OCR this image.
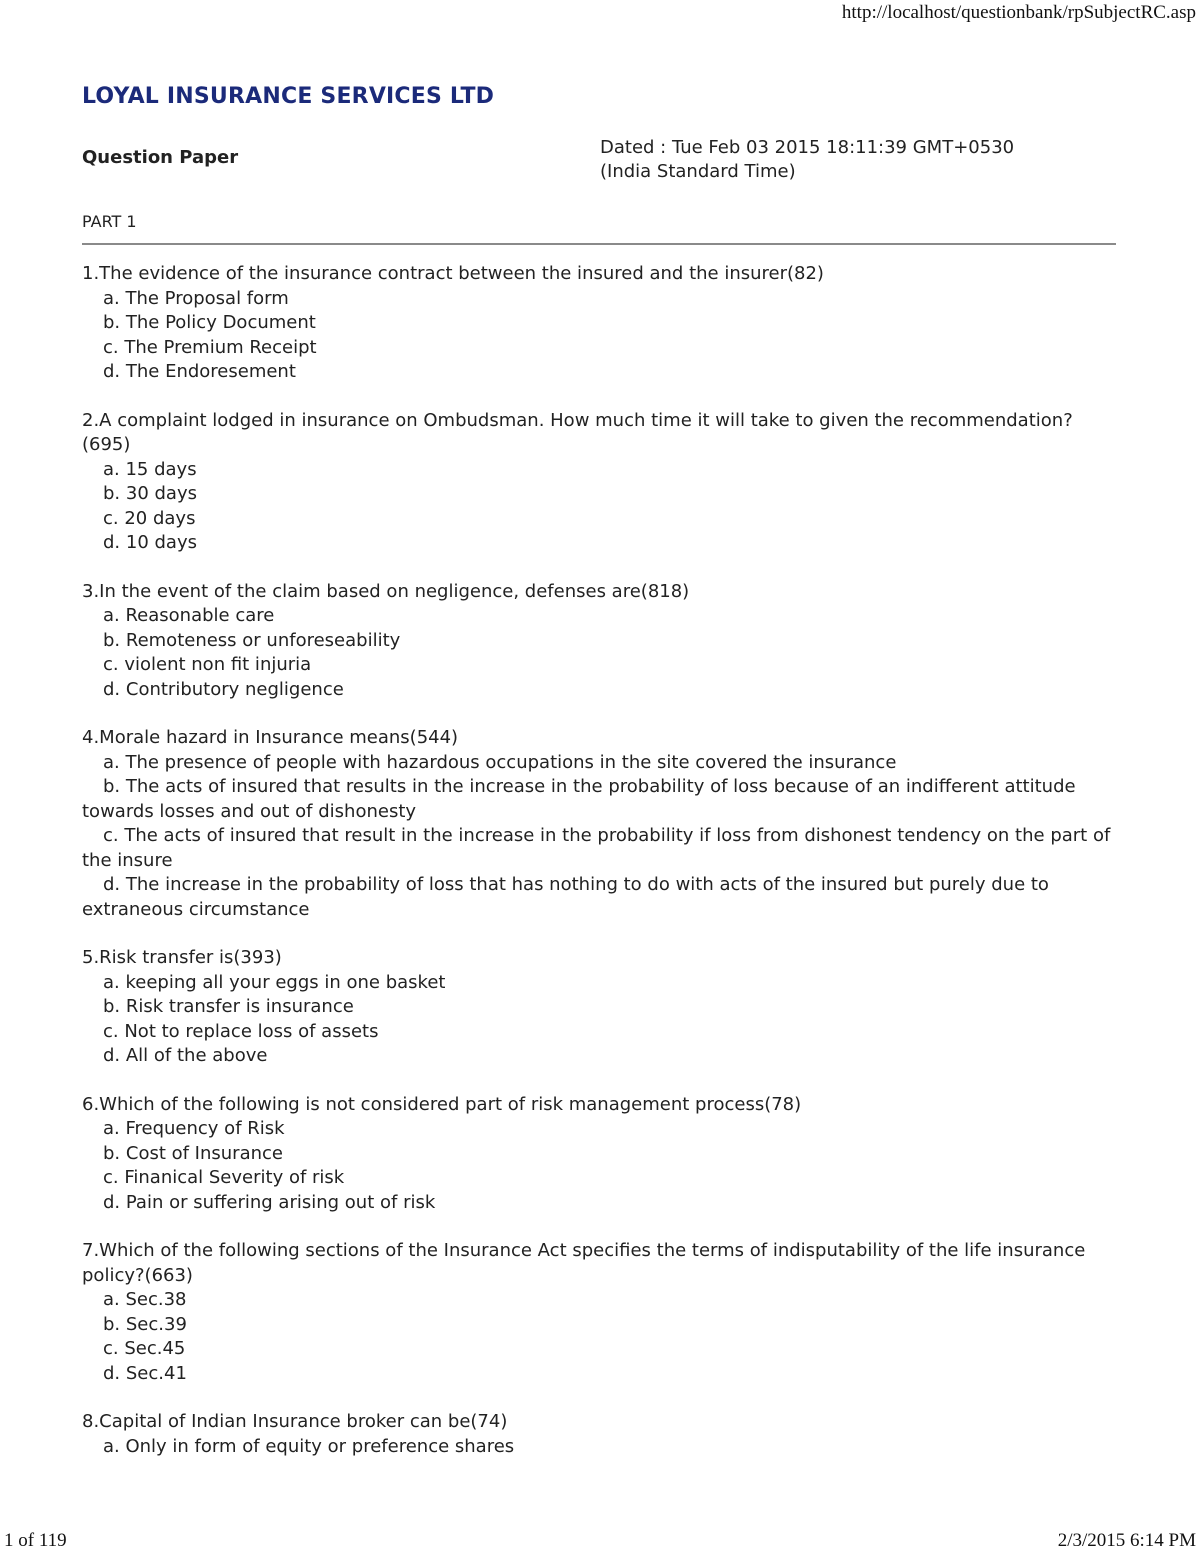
http://localhost/questionbank/rpSubjectRC.asp
LOYAL INSURANCE SERVICES LTD
Question Paper	Dated : Tue Feb 03 2015 18:11:39 GMT+0530
(India Standard Time)
PART 1
1.The evidence of the insurance contract between the insured and the insurer(82)
a. The Proposal form
b. The Policy Document
c. The Premium Receipt
d. The Endoresement
2.A complaint lodged in insurance on Ombudsman. How much time it will take to given the recommendation?(695)
a. 15 days
b. 30 days
c. 20 days
d. 10 days
3.In the event of the claim based on negligence, defenses are(818)
a. Reasonable care
b. Remoteness or unforeseability
c. violent non fit injuria
d. Contributory negligence
4.Morale hazard in Insurance means(544)
a. The presence of people with hazardous occupations in the site covered the insurance
b. The acts of insured that results in the increase in the probability of loss because of an indifferent attitude towards losses and out of dishonesty
c. The acts of insured that result in the increase in the probability if loss from dishonest tendency on the part of the insure
d. The increase in the probability of loss that has nothing to do with acts of the insured but purely due to extraneous circumstance
5.Risk transfer is(393)
a. keeping all your eggs in one basket
b. Risk transfer is insurance
c. Not to replace loss of assets
d. All of the above
6.Which of the following is not considered part of risk management process(78)
a. Frequency of Risk
b. Cost of Insurance
c. Finanical Severity of risk
d. Pain or suffering arising out of risk
7.Which of the following sections of the Insurance Act specifies the terms of indisputability of the life insurance policy?(663)
a. Sec.38
b. Sec.39
c. Sec.45
d. Sec.41
8.Capital of Indian Insurance broker can be(74)
a. Only in form of equity or preference shares
1 of 119	2/3/2015 6:14 PM
